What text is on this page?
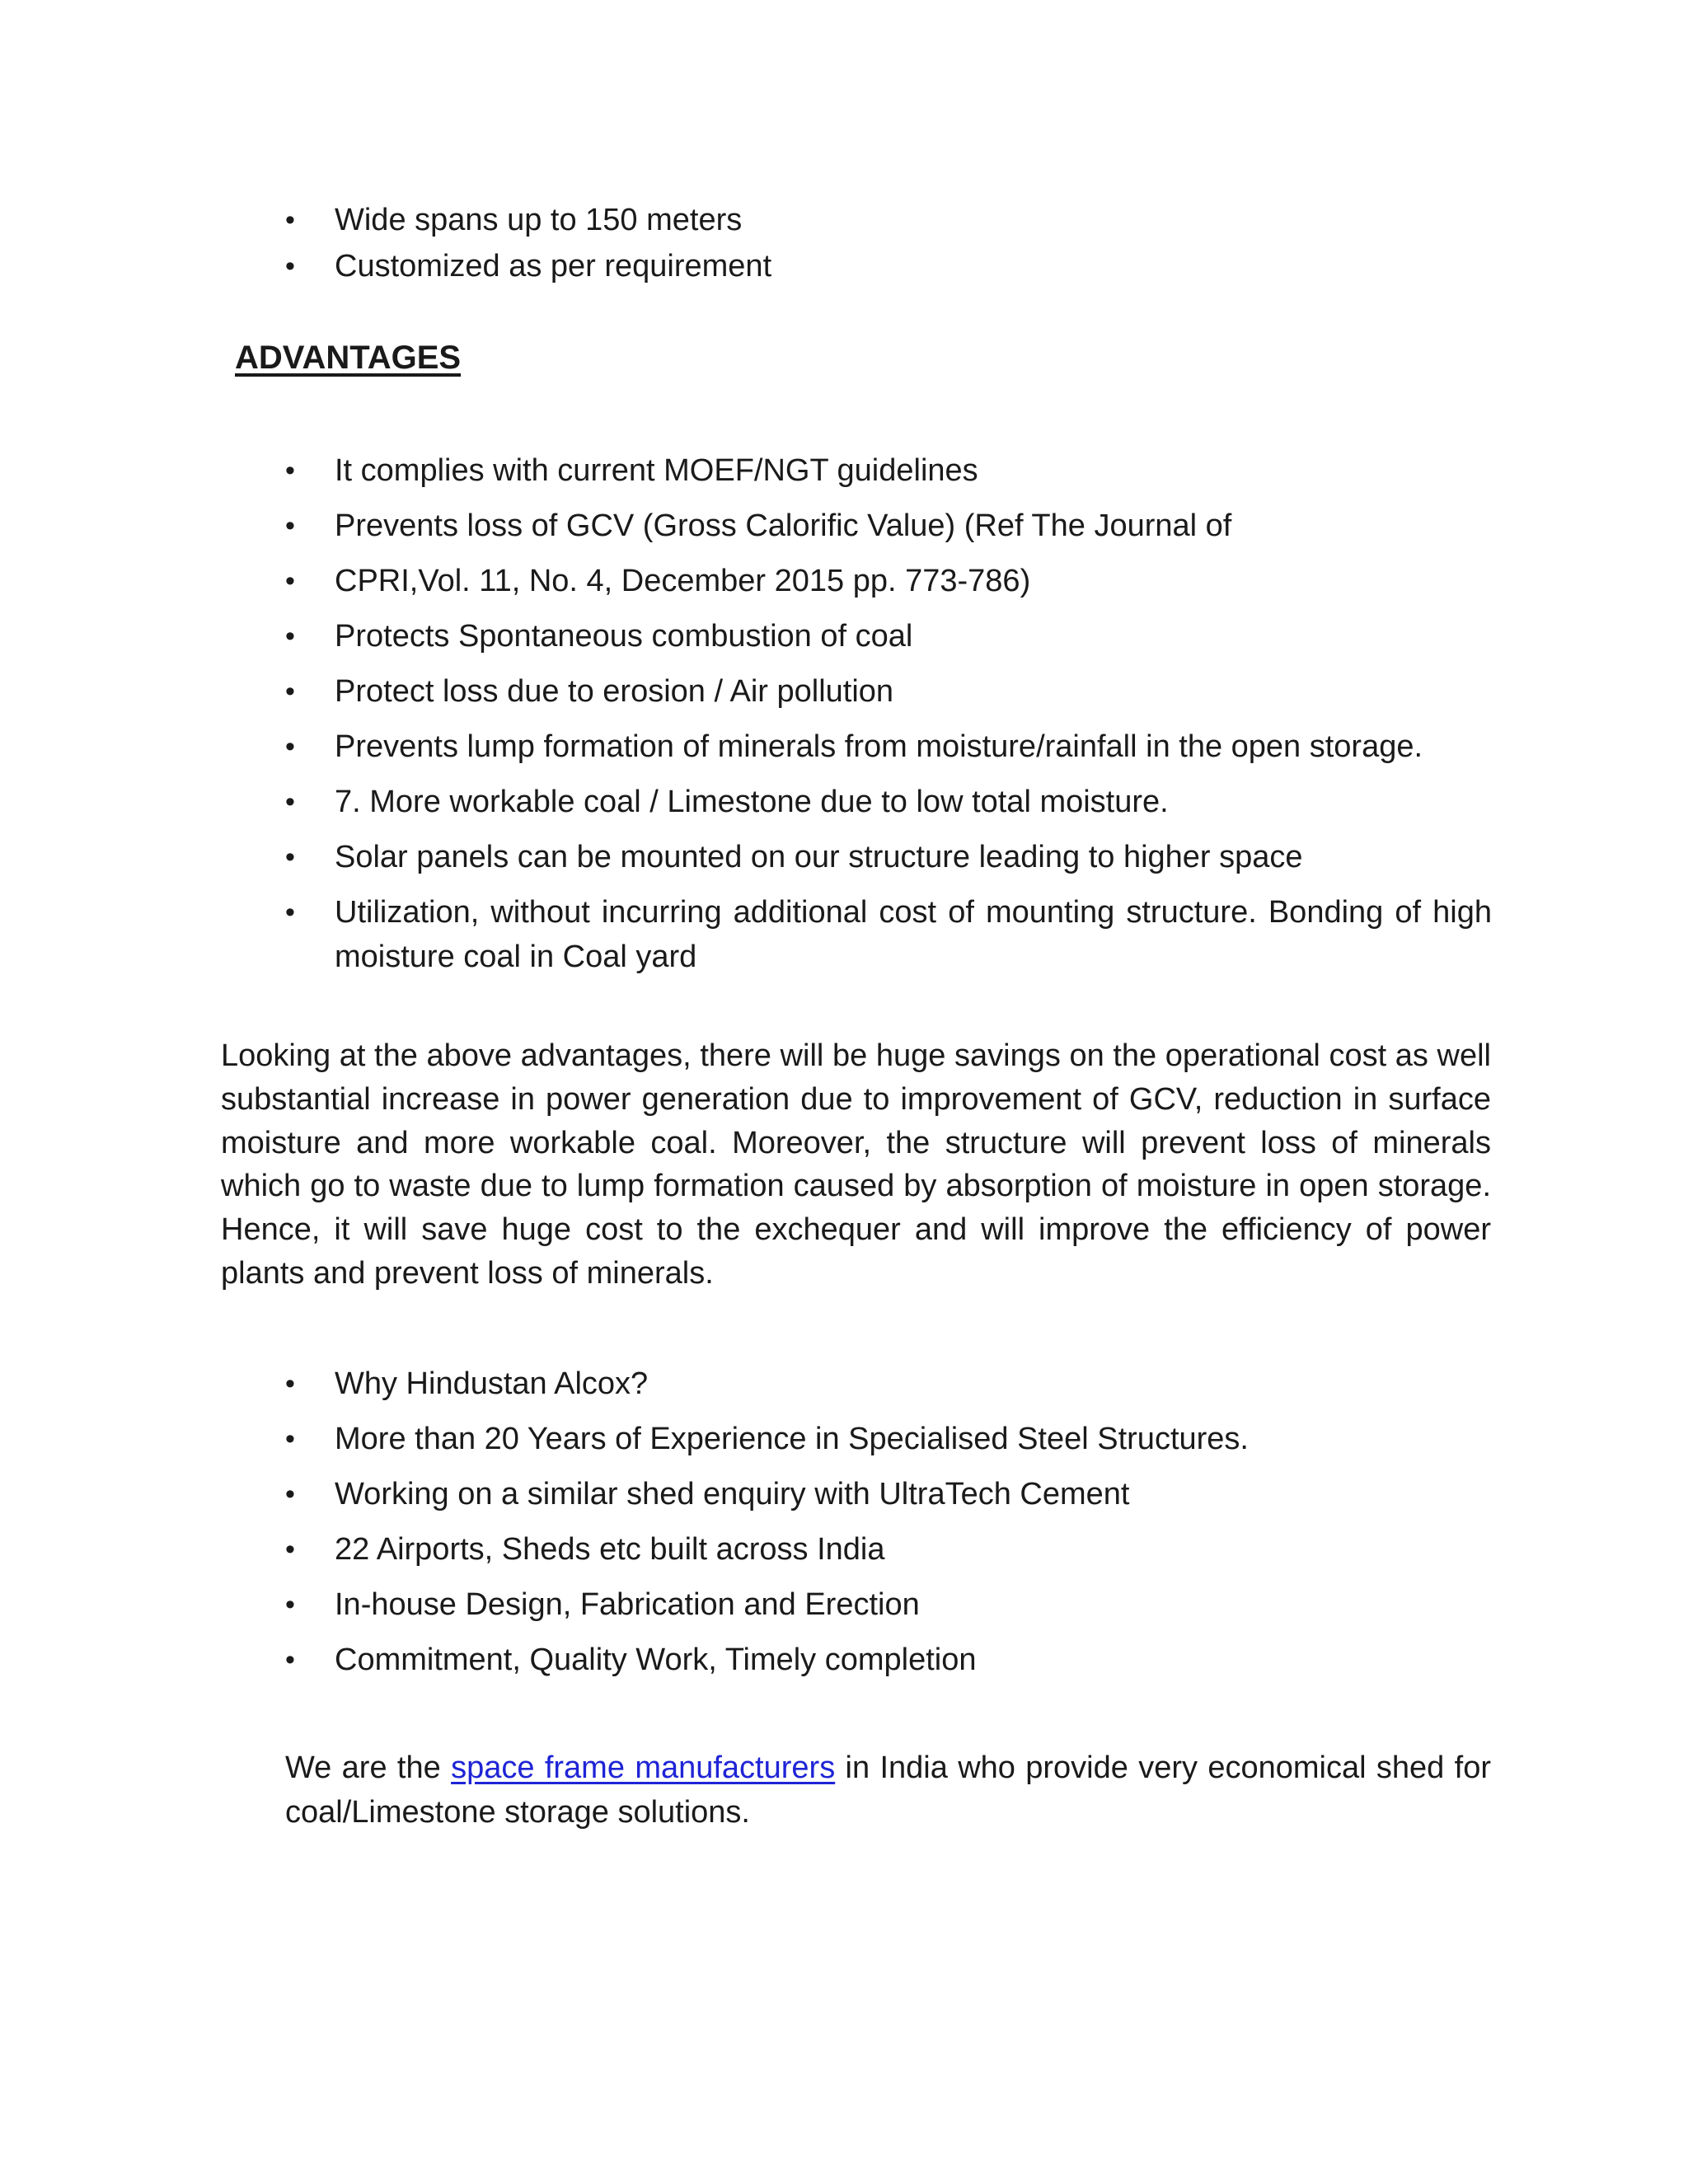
• Wide spans up to 150 meters
• Customized as per requirement
ADVANTAGES
• It complies with current MOEF/NGT guidelines
• Prevents loss of GCV (Gross Calorific Value) (Ref The Journal of
• CPRI,Vol. 11, No. 4, December 2015 pp. 773-786)
• Protects Spontaneous combustion of coal
• Protect loss due to erosion / Air pollution
• Prevents lump formation of minerals from moisture/rainfall in the open storage.
• 7. More workable coal / Limestone due to low total moisture.
• Solar panels can be mounted on our structure leading to higher space
• Utilization, without incurring additional cost of mounting structure. Bonding of high moisture coal in Coal yard

Looking at the above advantages, there will be huge savings on the operational cost as well substantial increase in power generation due to improvement of GCV, reduction in surface moisture and more workable coal. Moreover, the structure will prevent loss of minerals which go to waste due to lump formation caused by absorption of moisture in open storage. Hence, it will save huge cost to the exchequer and will improve the efficiency of power plants and prevent loss of minerals.

• Why Hindustan Alcox?
• More than 20 Years of Experience in Specialised Steel Structures.
• Working on a similar shed enquiry with UltraTech Cement
• 22 Airports, Sheds etc built across India
• In-house Design, Fabrication and Erection
• Commitment, Quality Work, Timely completion

We are the space frame manufacturers in India who provide very economical shed for coal/Limestone storage solutions.
